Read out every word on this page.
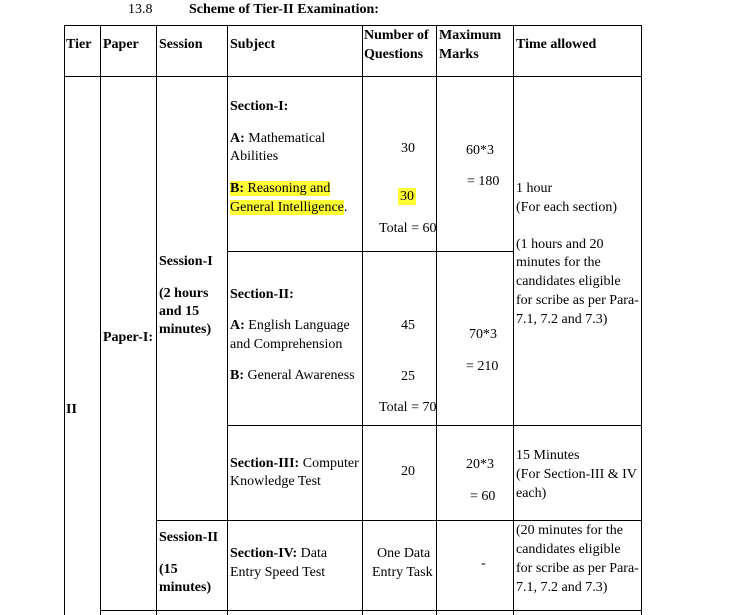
13.8	Scheme of Tier-II Examination:
Tier Paper Session Subject
Number of
Questions
Maximum
Marks
Time allowed
II
Paper-I:
Session-I
(2 hours
and 15
minutes)
Session-II
(15
minutes)
Section-I:
A: Mathematical
Abilities
B: Reasoning and
General Intelligence.
30
30
Total = 60
60*3
= 180 1 hour
(For each section)
(1 hours and 20
minutes for the
candidates eligible
for scribe as per Para-
7.1, 7.2 and 7.3)
Section-II:
A: English Language
and Comprehension
B: General Awareness
45
25
Total = 70
70*3
= 210
Section-III: Computer
Knowledge Test
20	20*3
= 60
15 Minutes
(For Section-III & IV
each)
(20 minutes for the
candidates eligible
for scribe as per Para-
7.1, 7.2 and 7.3)
Section-IV: Data
Entry Speed Test
One Data
Entry Task
-
